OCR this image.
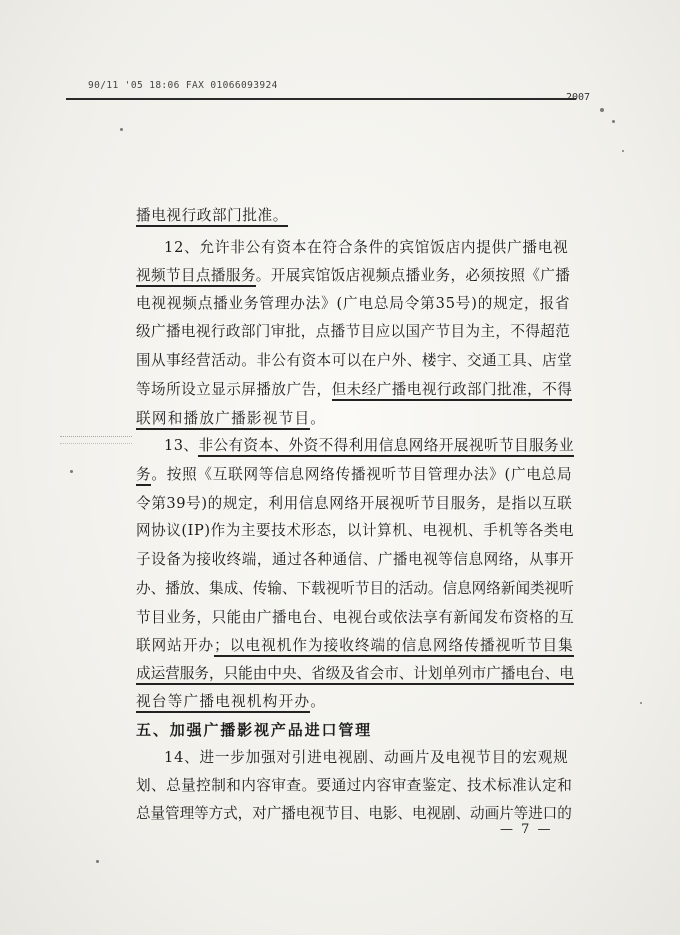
90/11 '05 18:06 FAX 01066093924
2007
播电视行政部门批准。
12、允许非公有资本在符合条件的宾馆饭店内提供广播电视
视频节目点播服务。开展宾馆饭店视频点播业务，必须按照《广播
电视视频点播业务管理办法》(广电总局令第35号)的规定，报省
级广播电视行政部门审批，点播节目应以国产节目为主，不得超范
围从事经营活动。非公有资本可以在户外、楼宇、交通工具、店堂
等场所设立显示屏播放广告，但未经广播电视行政部门批准，不得
联网和播放广播影视节目。
13、非公有资本、外资不得利用信息网络开展视听节目服务业
务。按照《互联网等信息网络传播视听节目管理办法》(广电总局
令第39号)的规定，利用信息网络开展视听节目服务，是指以互联
网协议(IP)作为主要技术形态，以计算机、电视机、手机等各类电
子设备为接收终端，通过各种通信、广播电视等信息网络，从事开
办、播放、集成、传输、下载视听节目的活动。信息网络新闻类视听
节目业务，只能由广播电台、电视台或依法享有新闻发布资格的互
联网站开办；以电视机作为接收终端的信息网络传播视听节目集
成运营服务，只能由中央、省级及省会市、计划单列市广播电台、电
视台等广播电视机构开办。
五、加强广播影视产品进口管理
14、进一步加强对引进电视剧、动画片及电视节目的宏观规
划、总量控制和内容审查。要通过内容审查鉴定、技术标准认定和
总量管理等方式，对广播电视节目、电影、电视剧、动画片等进口的
— 7 —
